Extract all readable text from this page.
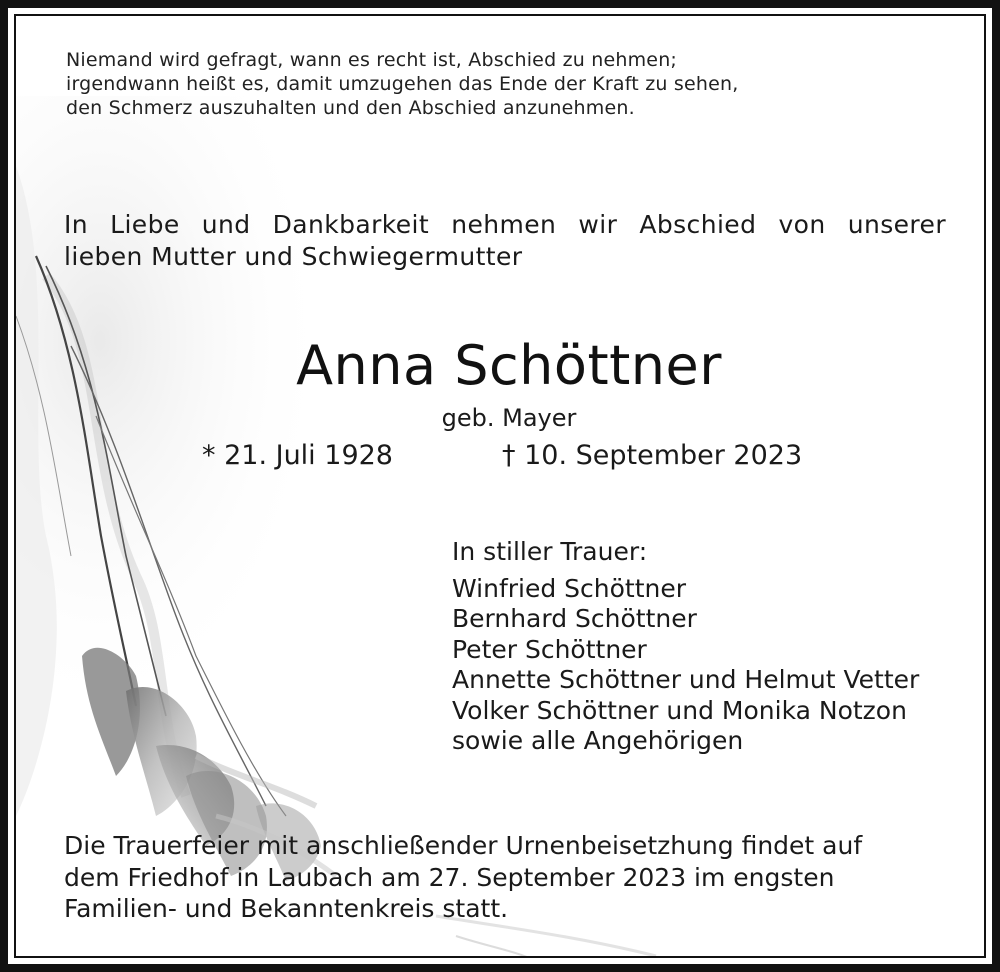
Niemand wird gefragt, wann es recht ist, Abschied zu nehmen;
irgendwann heißt es, damit umzugehen das Ende der Kraft zu sehen,
den Schmerz auszuhalten und den Abschied anzunehmen.
In Liebe und Dankbarkeit nehmen wir Abschied von unserer
lieben Mutter und Schwiegermutter
Anna Schöttner
geb. Mayer
* 21. Juli 1928	† 10. September 2023
In stiller Trauer:
Winfried Schöttner
Bernhard Schöttner
Peter Schöttner
Annette Schöttner und Helmut Vetter
Volker Schöttner und Monika Notzon
sowie alle Angehörigen
Die Trauerfeier mit anschließender Urnenbeisetzhung findet auf
dem Friedhof in Laubach am 27. September 2023 im engsten
Familien- und Bekanntenkreis statt.
